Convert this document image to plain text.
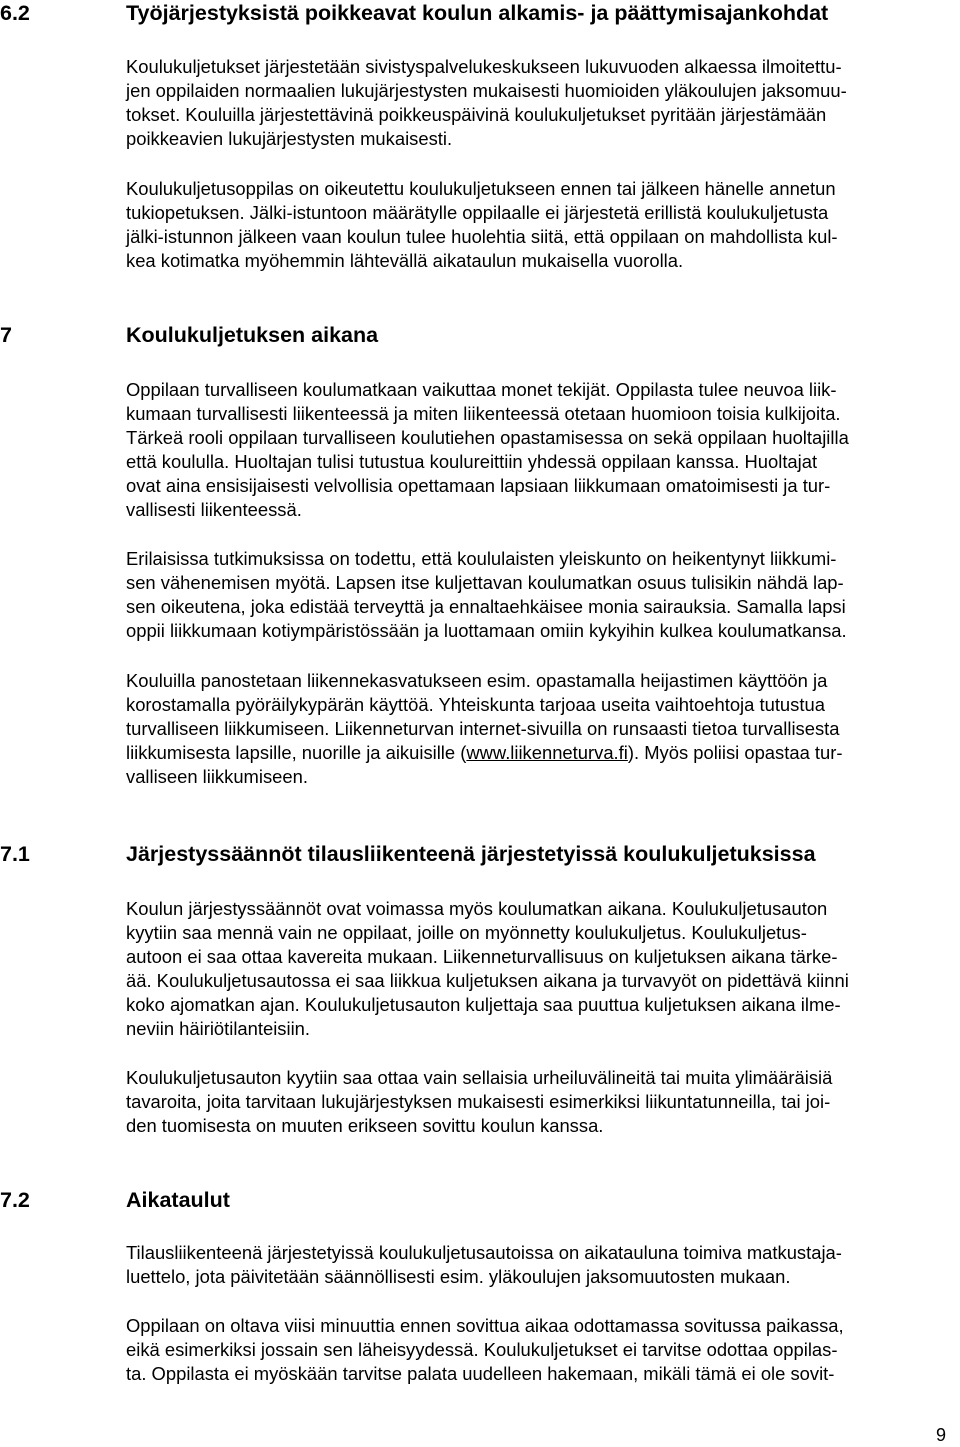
6.2	Työjärjestyksistä poikkeavat koulun alkamis- ja päättymisajankohdat
Koulukuljetukset järjestetään sivistyspalvelukeskukseen lukuvuoden alkaessa ilmoitettu-
jen oppilaiden normaalien lukujärjestysten mukaisesti huomioiden yläkoulujen jaksomuu-
tokset. Kouluilla järjestettävinä poikkeuspäivinä koulukuljetukset pyritään järjestämään
poikkeavien lukujärjestysten mukaisesti.
Koulukuljetusoppilas on oikeutettu koulukuljetukseen ennen tai jälkeen hänelle annetun
tukiopetuksen. Jälki-istuntoon määrätylle oppilaalle ei järjestetä erillistä koulukuljetusta
jälki-istunnon jälkeen vaan koulun tulee huolehtia siitä, että oppilaan on mahdollista kul-
kea kotimatka myöhemmin lähtevällä aikataulun mukaisella vuorolla.
7	Koulukuljetuksen aikana
Oppilaan turvalliseen koulumatkaan vaikuttaa monet tekijät. Oppilasta tulee neuvoa liik-
kumaan turvallisesti liikenteessä ja miten liikenteessä otetaan huomioon toisia kulkijoita.
Tärkeä rooli oppilaan turvalliseen koulutiehen opastamisessa on sekä oppilaan huoltajilla
että koululla. Huoltajan tulisi tutustua koulureittiin yhdessä oppilaan kanssa. Huoltajat
ovat aina ensisijaisesti velvollisia opettamaan lapsiaan liikkumaan omatoimisesti ja tur-
vallisesti liikenteessä.
Erilaisissa tutkimuksissa on todettu, että koululaisten yleiskunto on heikentynyt liikkumi-
sen vähenemisen myötä. Lapsen itse kuljettavan koulumatkan osuus tulisikin nähdä lap-
sen oikeutena, joka edistää terveyttä ja ennaltaehkäisee monia sairauksia. Samalla lapsi
oppii liikkumaan kotiympäristössään ja luottamaan omiin kykyihin kulkea koulumatkansa.
Kouluilla panostetaan liikennekasvatukseen esim. opastamalla heijastimen käyttöön ja
korostamalla pyöräilykypärän käyttöä. Yhteiskunta tarjoaa useita vaihtoehtoja tutustua
turvalliseen liikkumiseen. Liikenneturvan internet-sivuilla on runsaasti tietoa turvallisesta
liikkumisesta lapsille, nuorille ja aikuisille (www.liikenneturva.fi). Myös poliisi opastaa tur-
valliseen liikkumiseen.
7.1	Järjestyssäännöt tilausliikenteenä järjestetyissä koulukuljetuksissa
Koulun järjestyssäännöt ovat voimassa myös koulumatkan aikana. Koulukuljetusauton
kyytiin saa mennä vain ne oppilaat, joille on myönnetty koulukuljetus. Koulukuljetus-
autoon ei saa ottaa kavereita mukaan. Liikenneturvallisuus on kuljetuksen aikana tärke-
ää. Koulukuljetusautossa ei saa liikkua kuljetuksen aikana ja turvavyöt on pidettävä kiinni
koko ajomatkan ajan. Koulukuljetusauton kuljettaja saa puuttua kuljetuksen aikana ilme-
neviin häiriötilanteisiin.
Koulukuljetusauton kyytiin saa ottaa vain sellaisia urheiluvälineitä tai muita ylimääräisiä
tavaroita, joita tarvitaan lukujärjestyksen mukaisesti esimerkiksi liikuntatunneilla, tai joi-
den tuomisesta on muuten erikseen sovittu koulun kanssa.
7.2	Aikataulut
Tilausliikenteenä järjestetyissä koulukuljetusautoissa on aikatauluna toimiva matkustaja-
luettelo, jota päivitetään säännöllisesti esim. yläkoulujen jaksomuutosten mukaan.
Oppilaan on oltava viisi minuuttia ennen sovittua aikaa odottamassa sovitussa paikassa,
eikä esimerkiksi jossain sen läheisyydessä. Koulukuljetukset ei tarvitse odottaa oppilas-
ta. Oppilasta ei myöskään tarvitse palata uudelleen hakemaan, mikäli tämä ei ole sovit-
9
